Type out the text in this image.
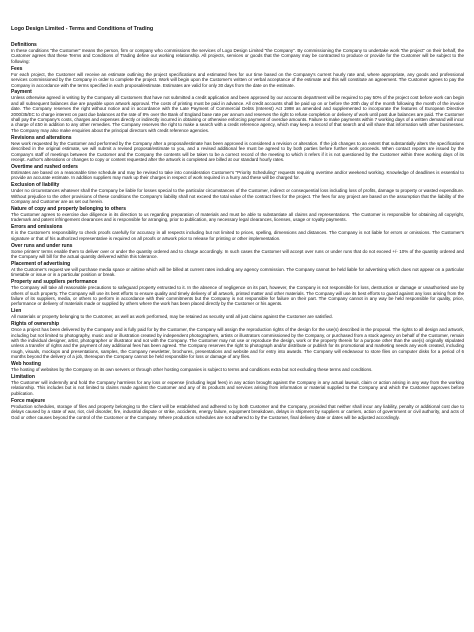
Logo Design Limited - Terms and Conditions of Trading
Definitions
In these conditions "the Customer" means the person, firm or company who commissions the services of Logo Design Limited "the Company". By commissioning the Company to undertake work "the project" on their behalf, the Customer agrees that these Terms and Conditions of Trading define our working relationship. All projects, services or goods that the Company may be contracted to produce or provide for the Customer will be subject to the following:
Fees
For each project, the Customer will receive an estimate outlining the project specifications and estimated fees for our time based on the Company's current hourly rate and, where appropriate, any goods and professional services commissioned by the Company in order to complete the project. Work will begin upon the Customer's written or verbal acceptance of the estimate and this will constitute an agreement. The Customer agrees to pay the Company in accordance with the terms specified in each proposal/estimate. Estimates are valid for only 30 days from the date on the estimate.
Payment
Unless otherwise agreed in writing by the Company all Customers that have not submitted a credit application and been approved by our accounts department will be required to pay 50% of the project cost before work can begin and all subsequent balances due are payable upon artwork approval. The costs of printing must be paid in advance. All credit accounts shall be paid up on or before the 20th day of the month following the month of the invoice date. The Company reserves the right without notice and in accordance with the Late Payment of Commercial Debts (Interest) Act 1998 as amended and supplemented to incorporate the features of European Directive 2000/35/EC to charge interest on past due balances at the rate of 8% over the Bank of England base rate per annum and reserves the right to refuse completion or delivery of work until past due balances are paid. The Customer shall pay the Company's costs, charges and expenses directly or indirectly incurred in obtaining or otherwise enforcing payment of overdue amounts. Failure to make payments within 7 working days of a written demand will incur a charge of £50 in addition to any other remedies. The Company reserves the right to make a search with a credit reference agency, which may keep a record of that search and will share that information with other businesses. The Company may also make enquiries about the principal directors with credit reference agencies.
Revisions and alterations
New work requested by the Customer and performed by the Company after a proposal/estimate has been approved is considered a revision or alteration. If the job changes to an extent that substantially alters the specifications described in the original estimate, we will submit a revised proposal/estimate to you, and a revised additional fee must be agreed to by both parties before further work proceeds. When contact reports are issued by the Company's staff of meetings between the Customer and the Company the contents will be taken to be a correct record of the meeting to which it refers if it is not questioned by the Customer within three working days of its receipt. Author's alterations or changes to copy or content requested after the artwork is completed are billed at our standard hourly rates.
Overtime and rushed orders
Estimates are based on a reasonable time schedule and may be revised to take into consideration Customer's "Priority Scheduling" requests requiring overtime and/or weekend working. Knowledge of deadlines is essential to provide an accurate estimate. In addition suppliers may mark up their charges in respect of work required in a hurry and these will be charged for.
Exclusion of liability
Under no circumstances whatever shall the Company be liable for losses special to the particular circumstances of the Customer, indirect or consequential loss including loss of profits, damage to property or wasted expenditure. Without prejudice to the other provisions of these conditions the Company's liability shall not exceed the total value of the contract fees for the project. The fees for any project are based on the assumption that the liability of the Company and Customer are as set out herein.
Nature of copy and property belonging to others
The Customer agrees to exercise due diligence in its direction to us regarding preparation of materials and must be able to substantiate all claims and representations. The Customer is responsible for obtaining all copyright, trademark and patent infringement clearances and is responsible for arranging, prior to publication, any necessary legal clearances, licenses, usage or royalty payments.
Errors and omissions
It is the Customer's responsibility to check proofs carefully for accuracy in all respects including but not limited to prices, spelling, dimensions and distances. The Company is not liable for errors or omissions. The Customer's signature or that of his authorized representative is required on all proofs or artwork prior to release for printing or other implementation.
Over runs and under runs
Some printers' terms enable them to deliver over or under the quantity ordered and to charge accordingly. In such cases the Customer will accept over runs or under runs that do not exceed +/- 10% of the quantity ordered and the Company will bill for the actual quantity delivered within this tolerance.
Placement of advertising
At the Customer's request we will purchase media space or airtime which will be billed at current rates including any agency commission. The Company cannot be held liable for advertising which does not appear on a particular timetable or issue or in a particular position or break.
Property and suppliers performance
The Company will take all reasonable precautions to safeguard property entrusted to it. In the absence of negligence on its part, however, the Company is not responsible for loss, destruction or damage or unauthorised use by others of such property. The Company will use its best efforts to ensure quality and timely delivery of all artwork, printed matter and other materials. The Company will use its best efforts to guard against any loss arising from the failure of its suppliers, media, or others to perform in accordance with their commitments but the Company is not responsible for failure on their part. The Company cannot in any way be held responsible for quality, price, performance or delivery of materials made or supplied by others where the work has been placed directly by the Customer or his agents.
Lien
All materials or property belonging to the Customer, as well as work performed, may be retained as security until all just claims against the Customer are satisfied.
Rights of ownership
Once a project has been delivered by the Company and is fully paid for by the Customer, the Company will assign the reproduction rights of the design for the use(s) described in the proposal. The rights to all design and artwork, including but not limited to photography, music and or illustration created by independent photographers, artists or illustrators commissioned by the Company, or purchased from a stock agency on behalf of the Customer, remain with the individual designer, artist, photographer or illustrator and not with the Company. The Customer may not use or reproduce the design, work or the property therein for a purpose other than the use(s) originally stipulated unless a transfer of rights and the payment of any additional fees has been agreed. The Company reserves the right to photograph and/or distribute or publish for its promotional and marketing needs any work created, including rough, visuals, mockups and presentations, samples, the Company newsletter, brochures, presentations and website and for entry into awards. The Company will endeavour to store files on computer disks for a period of 6 months beyond the delivery of a job, thereupon the Company cannot be held responsible for loss or damage of any files.
Web hosting
The hosting of websites by the Company on its own servers or through other hosting companies is subject to terms and conditions extra but not excluding these terms and conditions.
Limitation
The Customer will indemnify and hold the Company harmless for any loss or expense (including legal fees) in any action brought against the Company in any actual lawsuit, claim or action arising in any way from the working relationship. This includes but is not limited to claims made against the Customer and any of its products and services arising from information or material supplied to the Company and which the Customer approves before publication.
Force majeure
Production schedules, storage of files and property belonging to the Client will be established and adhered to by both Customer and the Company, provided that neither shall incur any liability, penalty or additional cost due to delays caused by a state of war, riot, civil disorder, fire, industrial dispute or strike, accidents, energy failure, equipment breakdown, delays in shipment by suppliers or carriers, action of government or civil authority, and acts of God or other causes beyond the control of the Customer or the Company. Where production schedules are not adhered to by the Customer, final delivery date or dates will be adjusted accordingly.
